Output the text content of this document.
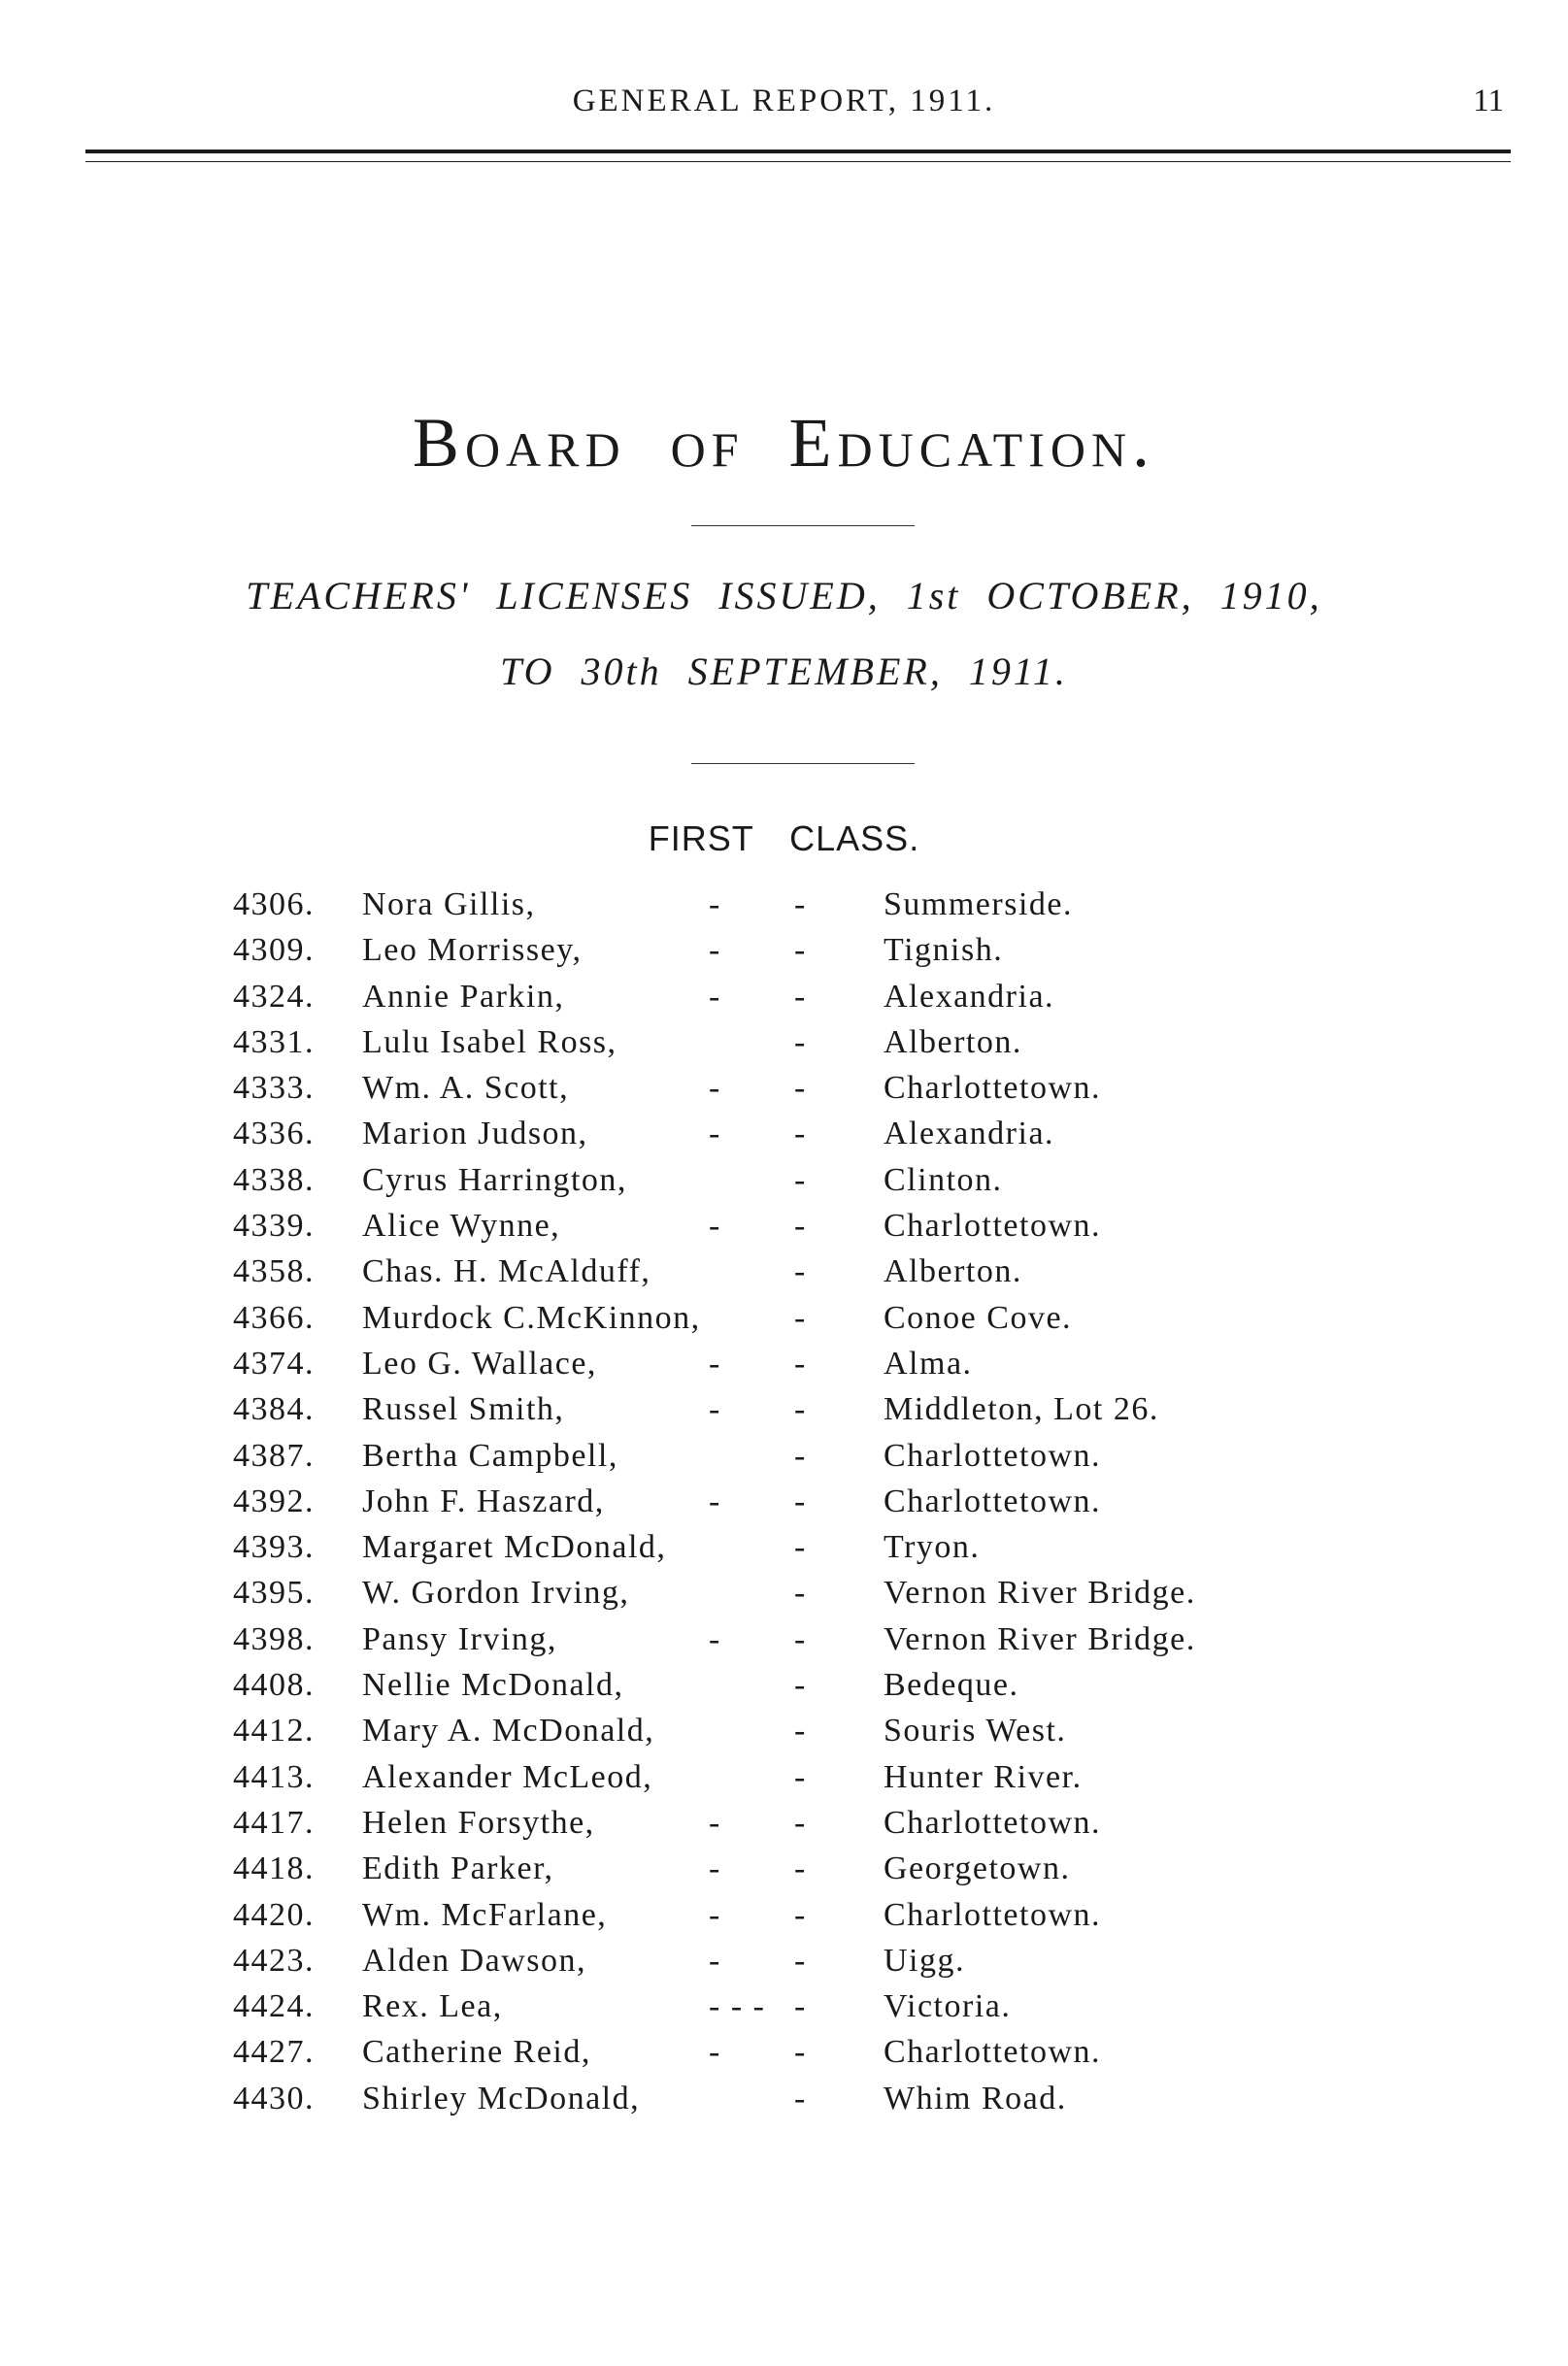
GENERAL REPORT, 1911.	11
Board of Education.
TEACHERS' LICENSES ISSUED, 1st OCTOBER, 1910,
TO 30th SEPTEMBER, 1911.
FIRST CLASS.
4306. Nora Gillis,	- - Summerside.
4309. Leo Morrissey,	- - Tignish.
4324. Annie Parkin,	- - Alexandria.
4331. Lulu Isabel Ross,	- Alberton.
4333. Wm. A. Scott,	- - Charlottetown.
4336. Marion Judson,	- - Alexandria.
4338. Cyrus Harrington,	- Clinton.
4339. Alice Wynne,	- - Charlottetown.
4358. Chas. H. McAlduff,	- Alberton.
4366. Murdock C.McKinnon,	- Conoe Cove.
4374. Leo G. Wallace,	- - Alma.
4384. Russel Smith,	- - Middleton, Lot 26.
4387. Bertha Campbell,	- Charlottetown.
4392. John F. Haszard,	- - Charlottetown.
4393. Margaret McDonald,	- Tryon.
4395. W. Gordon Irving,	- Vernon River Bridge.
4398. Pansy Irving,	- - Vernon River Bridge.
4408. Nellie McDonald,	- Bedeque.
4412. Mary A. McDonald,	- Souris West.
4413. Alexander McLeod,	- Hunter River.
4417. Helen Forsythe,	- - Charlottetown.
4418. Edith Parker,	- - Georgetown.
4420. Wm. McFarlane,	- - Charlottetown.
4423. Alden Dawson,	- - Uigg.
4424. Rex. Lea,	- - - - Victoria.
4427. Catherine Reid,	- - Charlottetown.
4430. Shirley McDonald,	- Whim Road.
